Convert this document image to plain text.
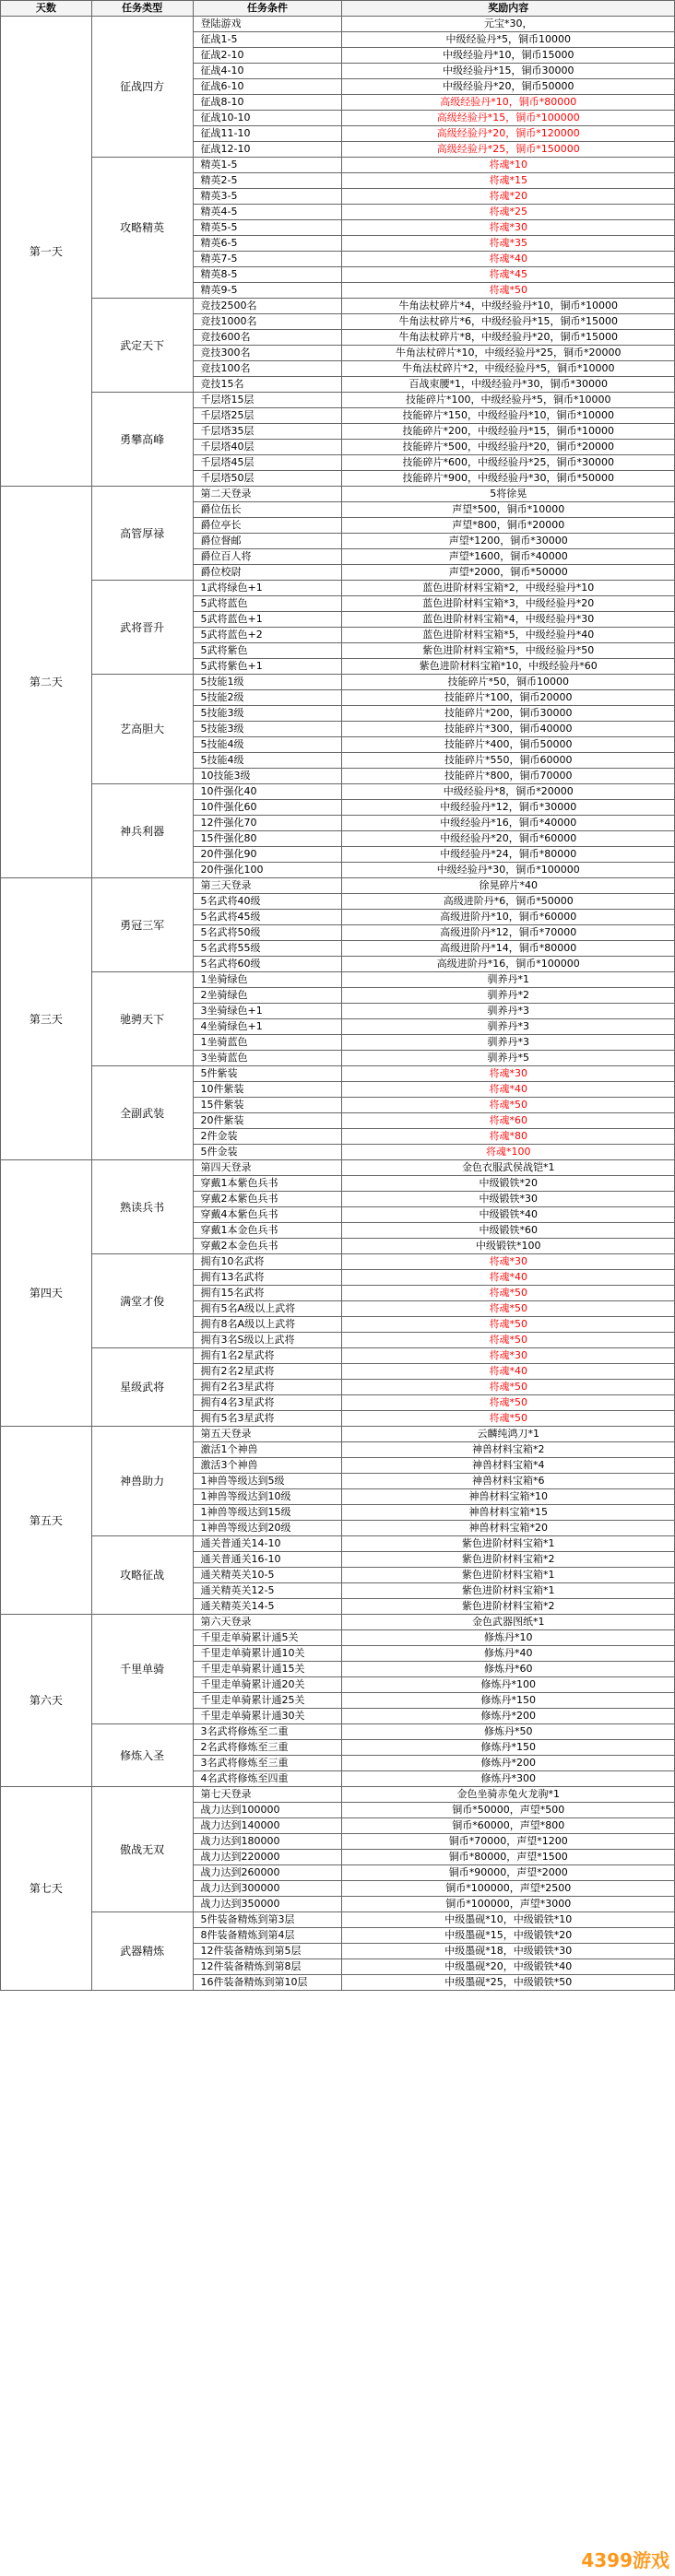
天数	任务类型	任务条件	奖励内容
第一天	征战四方	登陆游戏	元宝*30，
		征战1-5	中级经验丹*5，铜币10000
		征战2-10	中级经验丹*10，铜币15000
		征战4-10	中级经验丹*15，铜币30000
		征战6-10	中级经验丹*20，铜币50000
		征战8-10	高级经验丹*10，铜币*80000
		征战10-10	高级经验丹*15，铜币*100000
		征战11-10	高级经验丹*20，铜币*120000
		征战12-10	高级经验丹*25，铜币*150000
	攻略精英	精英1-5	将魂*10
		精英2-5	将魂*15
		精英3-5	将魂*20
		精英4-5	将魂*25
		精英5-5	将魂*30
		精英6-5	将魂*35
		精英7-5	将魂*40
		精英8-5	将魂*45
		精英9-5	将魂*50
	武定天下	竞技2500名	牛角法杖碎片*4，中级经验丹*10，铜币*10000
		竞技1000名	牛角法杖碎片*6，中级经验丹*15，铜币*15000
		竞技600名	牛角法杖碎片*8，中级经验丹*20，铜币*15000
		竞技300名	牛角法杖碎片*10，中级经验丹*25，铜币*20000
		竞技100名	牛角法杖碎片*2，中级经验丹*5，铜币*10000
		竞技15名	百战束腰*1，中级经验丹*30，铜币*30000
	勇攀高峰	千层塔15层	技能碎片*100，中级经验丹*5，铜币*10000
		千层塔25层	技能碎片*150，中级经验丹*10，铜币*10000
		千层塔35层	技能碎片*200，中级经验丹*15，铜币*10000
		千层塔40层	技能碎片*500，中级经验丹*20，铜币*20000
		千层塔45层	技能碎片*600，中级经验丹*25，铜币*30000
		千层塔50层	技能碎片*900，中级经验丹*30，铜币*50000
第二天	高管厚禄	第二天登录	5将徐晃
		爵位伍长	声望*500，铜币*10000
		爵位亭长	声望*800，铜币*20000
		爵位督邮	声望*1200，铜币*30000
		爵位百人将	声望*1600，铜币*40000
		爵位校尉	声望*2000，铜币*50000
	武将晋升	1武将绿色+1	蓝色进阶材料宝箱*2，中级经验丹*10
		5武将蓝色	蓝色进阶材料宝箱*3，中级经验丹*20
		5武将蓝色+1	蓝色进阶材料宝箱*4，中级经验丹*30
		5武将蓝色+2	蓝色进阶材料宝箱*5，中级经验丹*40
		5武将紫色	紫色进阶材料宝箱*5，中级经验丹*50
		5武将紫色+1	紫色进阶材料宝箱*10，中级经验丹*60
	艺高胆大	5技能1级	技能碎片*50，铜币10000
		5技能2级	技能碎片*100，铜币20000
		5技能3级	技能碎片*200，铜币30000
		5技能3级	技能碎片*300，铜币40000
		5技能4级	技能碎片*400，铜币50000
		5技能4级	技能碎片*550，铜币60000
		10技能3级	技能碎片*800，铜币70000
	神兵利器	10件强化40	中级经验丹*8，铜币*20000
		10件强化60	中级经验丹*12，铜币*30000
		12件强化70	中级经验丹*16，铜币*40000
		15件强化80	中级经验丹*20，铜币*60000
		20件强化90	中级经验丹*24，铜币*80000
		20件强化100	中级经验丹*30，铜币*100000
第三天	勇冠三军	第三天登录	徐晃碎片*40
		5名武将40级	高级进阶丹*6，铜币*50000
		5名武将45级	高级进阶丹*10，铜币*60000
		5名武将50级	高级进阶丹*12，铜币*70000
		5名武将55级	高级进阶丹*14，铜币*80000
		5名武将60级	高级进阶丹*16，铜币*100000
	驰骋天下	1坐骑绿色	驯养丹*1
		2坐骑绿色	驯养丹*2
		3坐骑绿色+1	驯养丹*3
		4坐骑绿色+1	驯养丹*3
		1坐骑蓝色	驯养丹*3
		3坐骑蓝色	驯养丹*5
	全副武装	5件紫装	将魂*30
		10件紫装	将魂*40
		15件紫装	将魂*50
		20件紫装	将魂*60
		2件金装	将魂*80
		5件金装	将魂*100
第四天	熟读兵书	第四天登录	金色衣服武侯战铠*1
		穿戴1本紫色兵书	中级锻铁*20
		穿戴2本紫色兵书	中级锻铁*30
		穿戴4本紫色兵书	中级锻铁*40
		穿戴1本金色兵书	中级锻铁*60
		穿戴2本金色兵书	中级锻铁*100
	满堂才俊	拥有10名武将	将魂*30
		拥有13名武将	将魂*40
		拥有15名武将	将魂*50
		拥有5名A级以上武将	将魂*50
		拥有8名A级以上武将	将魂*50
		拥有3名S级以上武将	将魂*50
	星级武将	拥有1名2星武将	将魂*30
		拥有2名2星武将	将魂*40
		拥有2名3星武将	将魂*50
		拥有4名3星武将	将魂*50
		拥有5名3星武将	将魂*50
第五天	神兽助力	第五天登录	云麟纯鸿刀*1
		激活1个神兽	神兽材料宝箱*2
		激活3个神兽	神兽材料宝箱*4
		1神兽等级达到5级	神兽材料宝箱*6
		1神兽等级达到10级	神兽材料宝箱*10
		1神兽等级达到15级	神兽材料宝箱*15
		1神兽等级达到20级	神兽材料宝箱*20
	攻略征战	通关普通关14-10	紫色进阶材料宝箱*1
		通关普通关16-10	紫色进阶材料宝箱*2
		通关精英关10-5	紫色进阶材料宝箱*1
		通关精英关12-5	紫色进阶材料宝箱*1
		通关精英关14-5	紫色进阶材料宝箱*2
第六天	千里单骑	第六天登录	金色武器图纸*1
		千里走单骑累计通5关	修炼丹*10
		千里走单骑累计通10关	修炼丹*40
		千里走单骑累计通15关	修炼丹*60
		千里走单骑累计通20关	修炼丹*100
		千里走单骑累计通25关	修炼丹*150
		千里走单骑累计通30关	修炼丹*200
	修炼入圣	3名武将修炼至二重	修炼丹*50
		2名武将修炼至三重	修炼丹*150
		3名武将修炼至三重	修炼丹*200
		4名武将修炼至四重	修炼丹*300
第七天	傲战无双	第七天登录	金色坐骑赤兔火龙驹*1
		战力达到100000	铜币*50000，声望*500
		战力达到140000	铜币*60000，声望*800
		战力达到180000	铜币*70000，声望*1200
		战力达到220000	铜币*80000，声望*1500
		战力达到260000	铜币*90000，声望*2000
		战力达到300000	铜币*100000，声望*2500
		战力达到350000	铜币*100000，声望*3000
	武器精炼	5件装备精炼到第3层	中级墨砚*10，中级锻铁*10
		8件装备精炼到第4层	中级墨砚*15，中级锻铁*20
		12件装备精炼到第5层	中级墨砚*18，中级锻铁*30
		12件装备精炼到第8层	中级墨砚*20，中级锻铁*40
		16件装备精炼到第10层	中级墨砚*25，中级锻铁*50
4399游戏
